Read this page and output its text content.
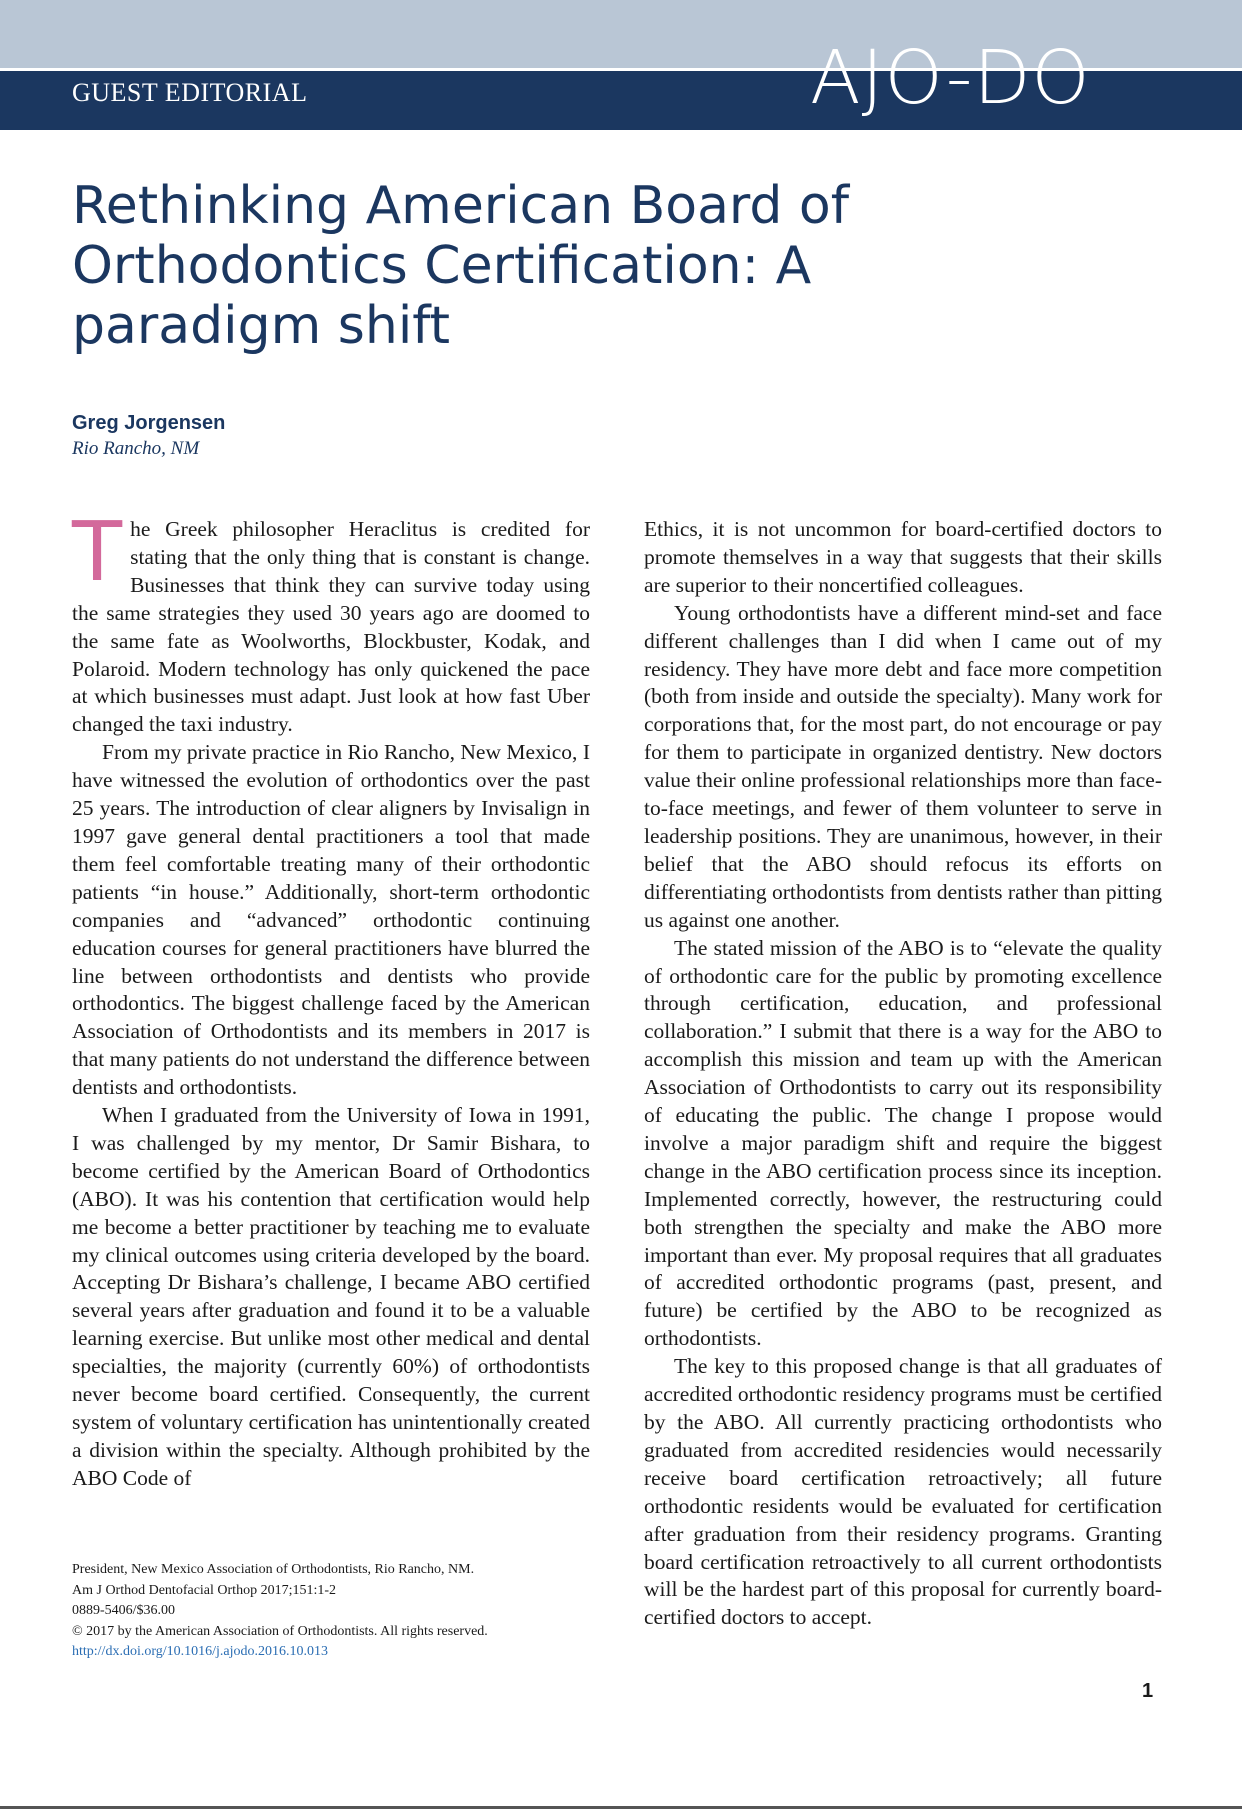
GUEST EDITORIAL	AJO-DO
Rethinking American Board of Orthodontics Certification: A paradigm shift
Greg Jorgensen
Rio Rancho, NM

The Greek philosopher Heraclitus is credited for stating that the only thing that is constant is change. Businesses that think they can survive today using the same strategies they used 30 years ago are doomed to the same fate as Woolworths, Blockbuster, Kodak, and Polaroid. Modern technology has only quickened the pace at which businesses must adapt. Just look at how fast Uber changed the taxi industry.

From my private practice in Rio Rancho, New Mexico, I have witnessed the evolution of orthodontics over the past 25 years. The introduction of clear aligners by Invisalign in 1997 gave general dental practitioners a tool that made them feel comfortable treating many of their orthodontic patients “in house.” Additionally, short-term orthodontic companies and “advanced” orthodontic continuing education courses for general practitioners have blurred the line between orthodontists and dentists who provide orthodontics. The biggest challenge faced by the American Association of Orthodontists and its members in 2017 is that many patients do not understand the difference between dentists and orthodontists.

When I graduated from the University of Iowa in 1991, I was challenged by my mentor, Dr Samir Bishara, to become certified by the American Board of Orthodontics (ABO). It was his contention that certification would help me become a better practitioner by teaching me to evaluate my clinical outcomes using criteria developed by the board. Accepting Dr Bishara’s challenge, I became ABO certified several years after graduation and found it to be a valuable learning exercise. But unlike most other medical and dental specialties, the majority (currently 60%) of orthodontists never become board certified. Consequently, the current system of voluntary certification has unintentionally created a division within the specialty. Although prohibited by the ABO Code of

Ethics, it is not uncommon for board-certified doctors to promote themselves in a way that suggests that their skills are superior to their noncertified colleagues.

Young orthodontists have a different mind-set and face different challenges than I did when I came out of my residency. They have more debt and face more competition (both from inside and outside the specialty). Many work for corporations that, for the most part, do not encourage or pay for them to participate in organized dentistry. New doctors value their online professional relationships more than face-to-face meetings, and fewer of them volunteer to serve in leadership positions. They are unanimous, however, in their belief that the ABO should refocus its efforts on differentiating orthodontists from dentists rather than pitting us against one another.

The stated mission of the ABO is to “elevate the quality of orthodontic care for the public by promoting excellence through certification, education, and professional collaboration.” I submit that there is a way for the ABO to accomplish this mission and team up with the American Association of Orthodontists to carry out its responsibility of educating the public. The change I propose would involve a major paradigm shift and require the biggest change in the ABO certification process since its inception. Implemented correctly, however, the restructuring could both strengthen the specialty and make the ABO more important than ever. My proposal requires that all graduates of accredited orthodontic programs (past, present, and future) be certified by the ABO to be recognized as orthodontists.

The key to this proposed change is that all graduates of accredited orthodontic residency programs must be certified by the ABO. All currently practicing orthodontists who graduated from accredited residencies would necessarily receive board certification retroactively; all future orthodontic residents would be evaluated for certification after graduation from their residency programs. Granting board certification retroactively to all current orthodontists will be the hardest part of this proposal for currently board-certified doctors to accept.

President, New Mexico Association of Orthodontists, Rio Rancho, NM.
Am J Orthod Dentofacial Orthop 2017;151:1-2
0889-5406/$36.00
© 2017 by the American Association of Orthodontists. All rights reserved.
http://dx.doi.org/10.1016/j.ajodo.2016.10.013
1
